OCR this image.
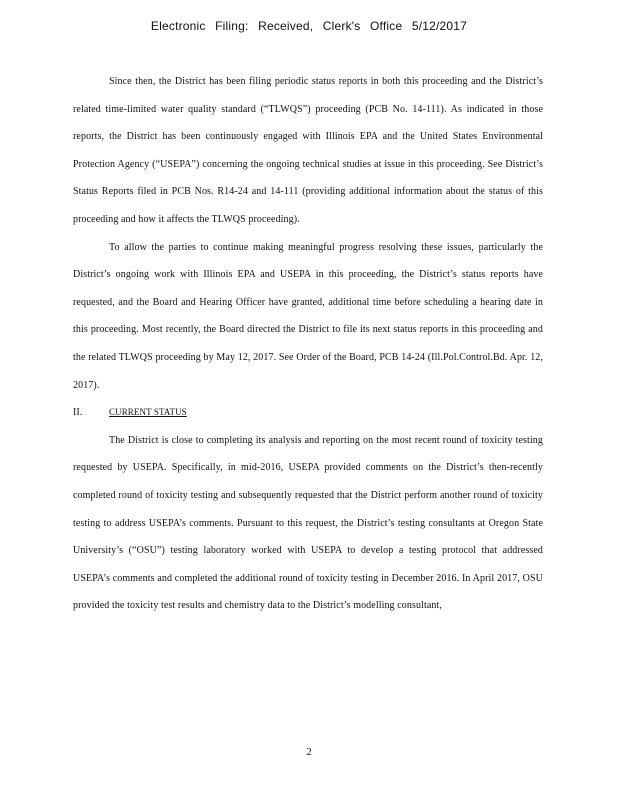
Electronic Filing: Received, Clerk's Office 5/12/2017

Since then, the District has been filing periodic status reports in both this proceeding and the District’s related time-limited water quality standard (“TLWQS”) proceeding (PCB No. 14-111). As indicated in those reports, the District has been continuously engaged with Illinois EPA and the United States Environmental Protection Agency (“USEPA”) concerning the ongoing technical studies at issue in this proceeding. See District’s Status Reports filed in PCB Nos. R14-24 and 14-111 (providing additional information about the status of this proceeding and how it affects the TLWQS proceeding).

To allow the parties to continue making meaningful progress resolving these issues, particularly the District’s ongoing work with Illinois EPA and USEPA in this proceeding, the District’s status reports have requested, and the Board and Hearing Officer have granted, additional time before scheduling a hearing date in this proceeding. Most recently, the Board directed the District to file its next status reports in this proceeding and the related TLWQS proceeding by May 12, 2017. See Order of the Board, PCB 14-24 (Ill.Pol.Control.Bd. Apr. 12, 2017).

II.	CURRENT STATUS

The District is close to completing its analysis and reporting on the most recent round of toxicity testing requested by USEPA. Specifically, in mid-2016, USEPA provided comments on the District’s then-recently completed round of toxicity testing and subsequently requested that the District perform another round of toxicity testing to address USEPA’s comments. Pursuant to this request, the District’s testing consultants at Oregon State University’s (“OSU”) testing laboratory worked with USEPA to develop a testing protocol that addressed USEPA’s comments and completed the additional round of toxicity testing in December 2016. In April 2017, OSU provided the toxicity test results and chemistry data to the District’s modelling consultant,

2
